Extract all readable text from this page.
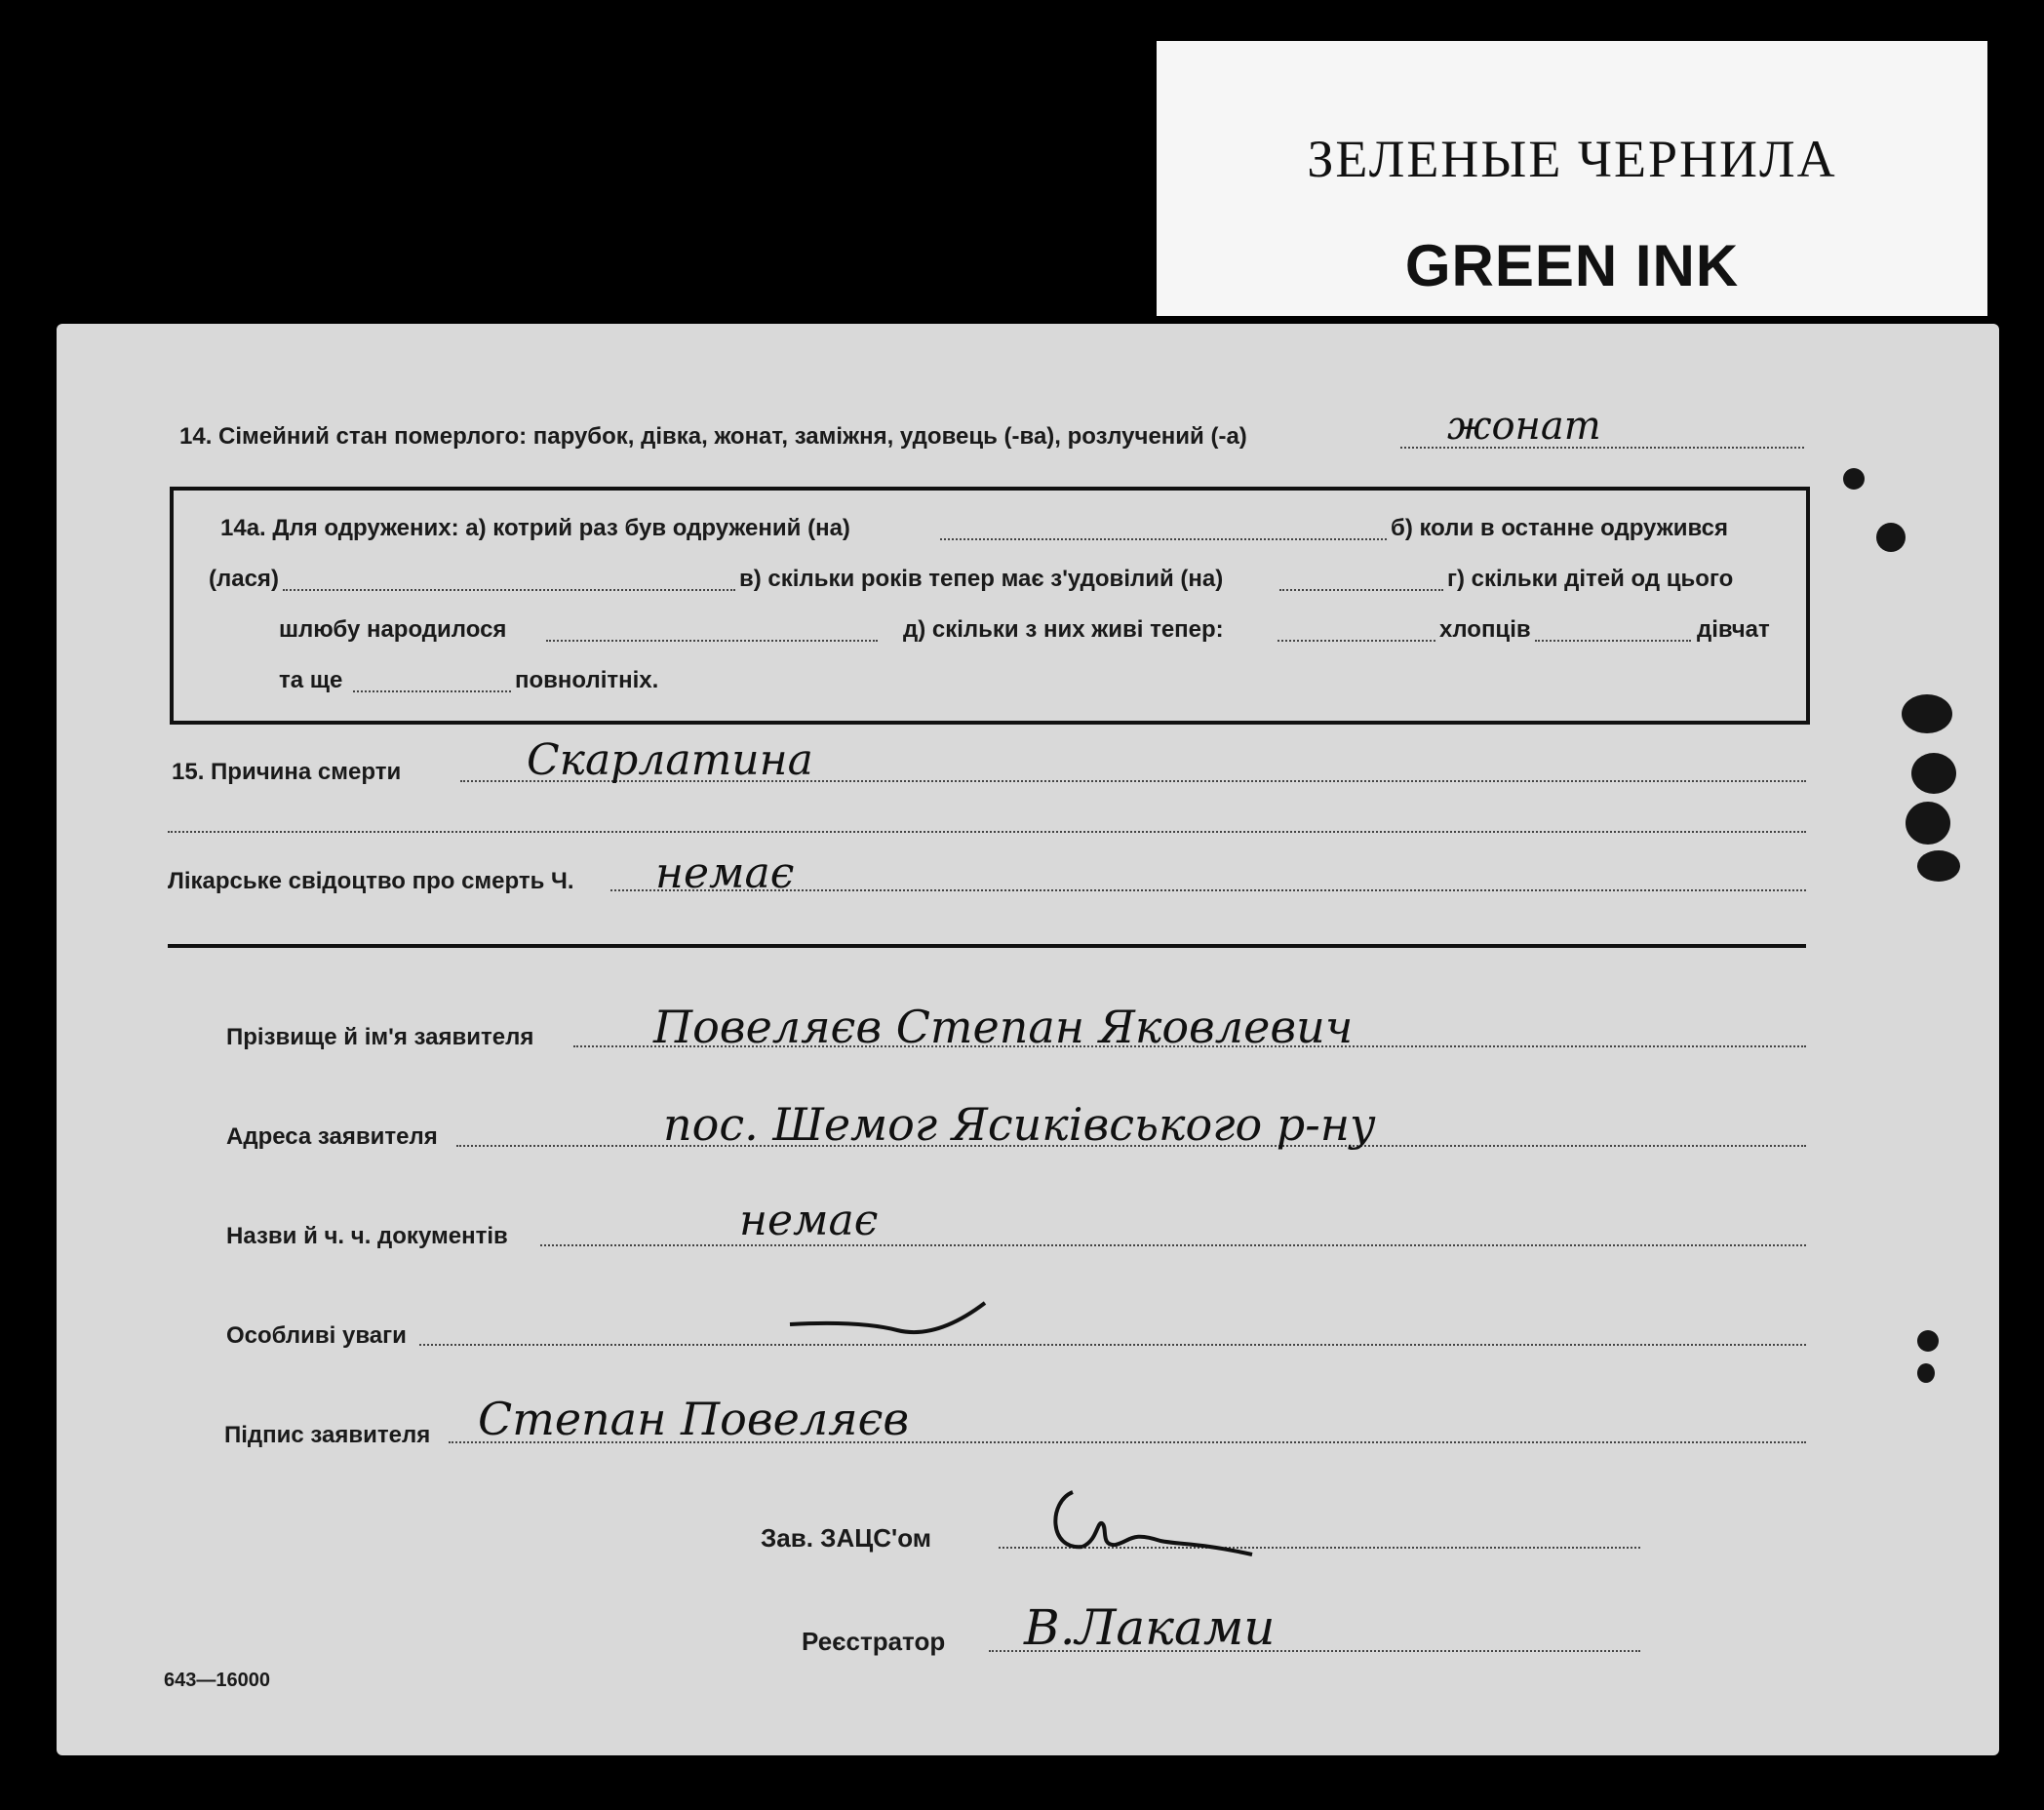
ЗЕЛЕНЫЕ ЧЕРНИЛА
GREEN INK
14. Сімейний стан померлого: парубок, дівка, жонат, заміжня, удовець (-ва), розлучений (-а)	жонат
14а. Для одружених: а) котрий раз був одружений (на)	б) коли в останне одружився
(лася)	в) скільки років тепер має з'удовілий (на)	г) скільки дітей од цього
шлюбу народилося	д) скільки з них живі тепер:	хлопців	дівчат
та ще	повнолітніх.
15. Причина смерти	Скарлатина
Лікарське свідоцтво про смерть Ч. немає
Прізвище й ім'я заявителя	Повеляєв Степан Яковлевич
Адреса заявителя	пос. Шемог Ясиківського р-ну
Назви й ч. ч. документів	немає
Особливі уваги
Підпис заявителя Степан Повеляєв
Зав. ЗАЦС'ом
Реєстратор В.Лаками
643—16000
